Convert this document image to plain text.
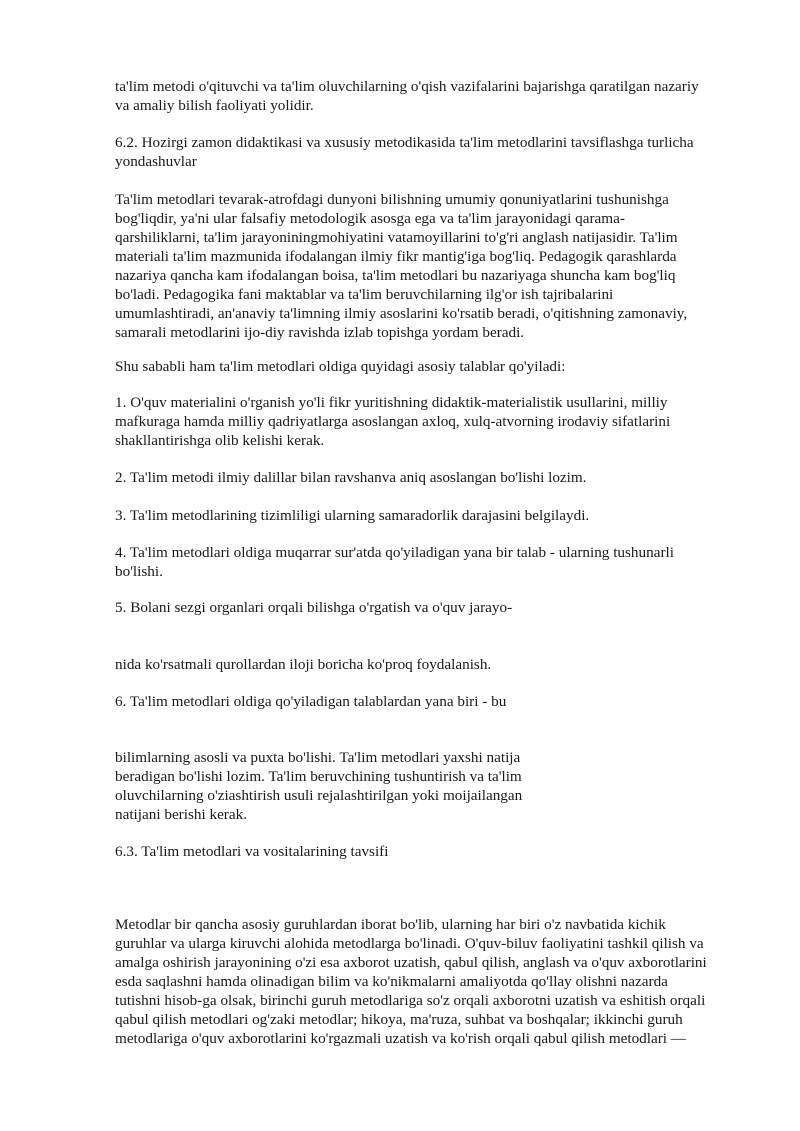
ta'lim metodi o'qituvchi va ta'lim oluvchilarning o'qish vazifalarini bajarishga qaratilgan nazariy
va amaliy bilish faoliyati yolidir.

6.2. Hozirgi zamon didaktikasi va xususiy metodikasida ta'lim metodlarini tavsiflashga turlicha
yondashuvlar

Ta'lim metodlari tevarak-atrofdagi dunyoni bilishning umumiy qonuniyatlarini tushunishga
bog'liqdir, ya'ni ular falsafiy metodologik asosga ega va ta'lim jarayonidagi qarama-
qarshiliklarni, ta'lim jarayoniningmohiyatini vatamoyillarini to'g'ri anglash natijasidir. Ta'lim
materiali ta'lim mazmunida ifodalangan ilmiy fikr mantig'iga bog'liq. Pedagogik qarashlarda
nazariya qancha kam ifodalangan boisa, ta'lim metodlari bu nazariyaga shuncha kam bog'liq
bo'ladi. Pedagogika fani maktablar va ta'lim beruvchilarning ilg'or ish tajribalarini
umumlashtiradi, an'anaviy ta'limning ilmiy asoslarini ko'rsatib beradi, o'qitishning zamonaviy,
samarali metodlarini ijo-diy ravishda izlab topishga yordam beradi.

Shu sababli ham ta'lim metodlari oldiga quyidagi asosiy talablar qo'yiladi:

1. O'quv materialini o'rganish yo'li fikr yuritishning didaktik-materialistik usullarini, milliy
mafkuraga hamda milliy qadriyatlarga asoslangan axloq, xulq-atvorning irodaviy sifatlarini
shakllantirishga olib kelishi kerak.

2. Ta'lim metodi ilmiy dalillar bilan ravshanva aniq asoslangan bo'lishi lozim.

3. Ta'lim metodlarining tizimliligi ularning samaradorlik darajasini belgilaydi.

4. Ta'lim metodlari oldiga muqarrar sur'atda qo'yiladigan yana bir talab - ularning tushunarli
bo'lishi.

5. Bolani sezgi organlari orqali bilishga o'rgatish va o'quv jarayo-

nida ko'rsatmali qurollardan iloji boricha ko'proq foydalanish.

6. Ta'lim metodlari oldiga qo'yiladigan talablardan yana biri - bu

bilimlarning asosli va puxta bo'lishi. Ta'lim metodlari yaxshi natija
beradigan bo'lishi lozim. Ta'lim beruvchining tushuntirish va ta'lim
oluvchilarning o'ziashtirish usuli rejalashtirilgan yoki moijailangan
natijani berishi kerak.

6.3. Ta'lim metodlari va vositalarining tavsifi

Metodlar bir qancha asosiy guruhlardan iborat bo'lib, ularning har biri o'z navbatida kichik
guruhlar va ularga kiruvchi alohida metodlarga bo'linadi. O'quv-biluv faoliyatini tashkil qilish va
amalga oshirish jarayonining o'zi esa axborot uzatish, qabul qilish, anglash va o'quv axborotlarini
esda saqlashni hamda olinadigan bilim va ko'nikmalarni amaliyotda qo'llay olishni nazarda
tutishni hisob-ga olsak, birinchi guruh metodlariga so'z orqali axborotni uzatish va eshitish orqali
qabul qilish metodlari og'zaki metodlar; hikoya, ma'ruza, suhbat va boshqalar; ikkinchi guruh
metodlariga o'quv axborotlarini ko'rgazmali uzatish va ko'rish orqali qabul qilish metodlari —
